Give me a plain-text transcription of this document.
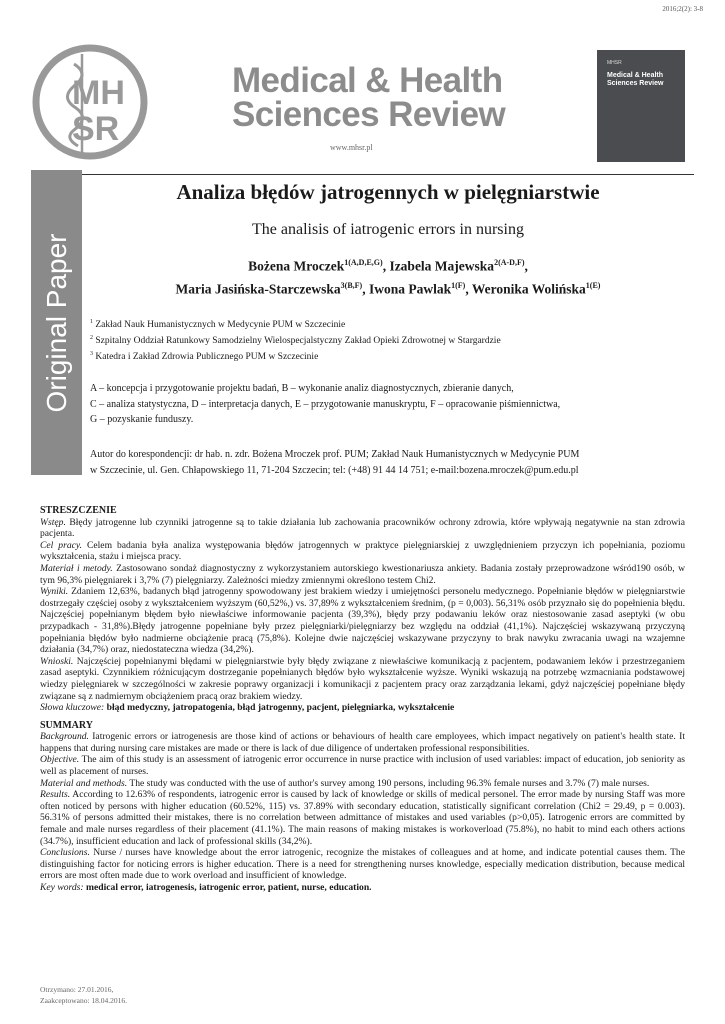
2016;2(2): 3-8
MH
SR
Medical & Health
Sciences Review
www.mhsr.pl
MHSR
Medical & Health
Sciences Review
Original Paper
Analiza błędów jatrogennych w pielęgniarstwie
The analisis of iatrogenic errors in nursing
Bożena Mroczek$^{1(A,D,E,G)}$, Izabela Majewska$^{2(A-D,F)}$,
Maria Jasińska-Starczewska$^{3(B,F)}$, Iwona Pawlak$^{1(F)}$, Weronika Wolińska$^{1(E)}$
$^1$ Zakład Nauk Humanistycznych w Medycynie PUM w Szczecinie
$^2$ Szpitalny Oddział Ratunkowy Samodzielny Wielospecjalstyczny Zakład Opieki Zdrowotnej w Stargardzie
$^3$ Katedra i Zakład Zdrowia Publicznego PUM w Szczecinie
A – koncepcja i przygotowanie projektu badań, B – wykonanie analiz diagnostycznych, zbieranie danych,
C – analiza statystyczna, D – interpretacja danych, E – przygotowanie manuskryptu, F – opracowanie piśmiennictwa,
G – pozyskanie funduszy.
Autor do korespondencji: dr hab. n. zdr. Bożena Mroczek prof. PUM; Zakład Nauk Humanistycznych w Medycynie PUM
w Szczecinie, ul. Gen. Chłapowskiego 11, 71-204 Szczecin; tel: (+48) 91 44 14 751; e-mail:bozena.mroczek@pum.edu.pl
STRESZCZENIE

Wstęp. Błędy jatrogenne lub czynniki jatrogenne są to takie działania lub zachowania pracowników ochrony zdrowia, które wpływają negatywnie na stan zdrowia pacjenta.

Cel pracy. Celem badania była analiza występowania błędów jatrogennych w praktyce pielęgniarskiej z uwzględnieniem przyczyn ich popełniania, poziomu wykształcenia, stażu i miejsca pracy.

Materiał i metody. Zastosowano sondaż diagnostyczny z wykorzystaniem autorskiego kwestionariusza ankiety. Badania zostały przeprowadzone wśród190 osób, w tym 96,3% pielęgniarek i 3,7% (7) pielęgniarzy. Zależności miedzy zmiennymi określono testem Chi2.

Wyniki. Zdaniem 12,63%, badanych błąd jatrogenny spowodowany jest brakiem wiedzy i umiejętności personelu medycznego. Popełnianie błędów w pielęgniarstwie dostrzegały częściej osoby z wykształceniem wyższym (60,52%,) vs. 37,89% z wykształceniem średnim, (p = 0,003). 56,31% osób przyznało się do popełnienia błędu. Najczęściej popełnianym błędem było niewłaściwe informowanie pacjenta (39,3%), błędy przy podawaniu leków oraz niestosowanie zasad aseptyki (w obu przypadkach - 31,8%).Błędy jatrogenne popełniane były przez pielęgniarki/pielęgniarzy bez względu na oddział (41,1%). Najczęściej wskazywaną przyczyną popełniania błędów było nadmierne obciążenie pracą (75,8%). Kolejne dwie najczęściej wskazywane przyczyny to brak nawyku zwracania uwagi na wzajemne działania (34,7%) oraz, niedostateczna wiedza (34,2%).

Wnioski. Najczęściej popełnianymi błędami w pielęgniarstwie były błędy związane z niewłaściwe komunikacją z pacjentem, podawaniem leków i przestrzeganiem zasad aseptyki. Czynnikiem różnicującym dostrzeganie popełnianych błędów było wykształcenie wyższe. Wyniki wskazują na potrzebę wzmacniania podstawowej wiedzy pielęgniarek w szczególności w zakresie poprawy organizacji i komunikacji z pacjentem pracy oraz zarządzania lekami, gdyż najczęściej popełniane błędy związane są z nadmiernym obciążeniem pracą oraz brakiem wiedzy.

Słowa kluczowe: błąd medyczny, jatropatogenia, błąd jatrogenny, pacjent, pielęgniarka, wykształcenie

SUMMARY

Background. Iatrogenic errors or iatrogenesis are those kind of actions or behaviours of health care employees, which impact negatively on patient's health state. It happens that during nursing care mistakes are made or there is lack of due diligence of undertaken professional responsibilities.

Objective. The aim of this study is an assessment of iatrogenic error occurrence in nurse practice with inclusion of used variables: impact of education, job seniority as well as placement of nurses.

Material and methods. The study was conducted with the use of author's survey among 190 persons, including 96.3% female nurses and 3.7% (7) male nurses.

Results. According to 12.63% of respondents, iatrogenic error is caused by lack of knowledge or skills of medical personel. The error made by nursing Staff was more often noticed by persons with higher education (60.52%, 115) vs. 37.89% with secondary education, statistically significant correlation (Chi2 = 29.49, p = 0.003). 56.31% of persons admitted their mistakes, there is no correlation between admittance of mistakes and used variables (p>0,05). Iatrogenic errors are committed by female and male nurses regardless of their placement (41.1%). The main reasons of making mistakes is workoverload (75.8%), no habit to mind each others actions (34.7%), insufficient education and lack of professional skills (34,2%).

Conclusions. Nurse / nurses have knowledge about the error iatrogenic, recognize the mistakes of colleagues and at home, and indicate potential causes them. The distinguishing factor for noticing errors is higher education. There is a need for strengthening nurses knowledge, especially medication distribution, because medical errors are most often made due to work overload and insufficient of knowledge.

Key words: medical error, iatrogenesis, iatrogenic error, patient, nurse, education.

Otrzymano: 27.01.2016,
Zaakceptowano: 18.04.2016.
